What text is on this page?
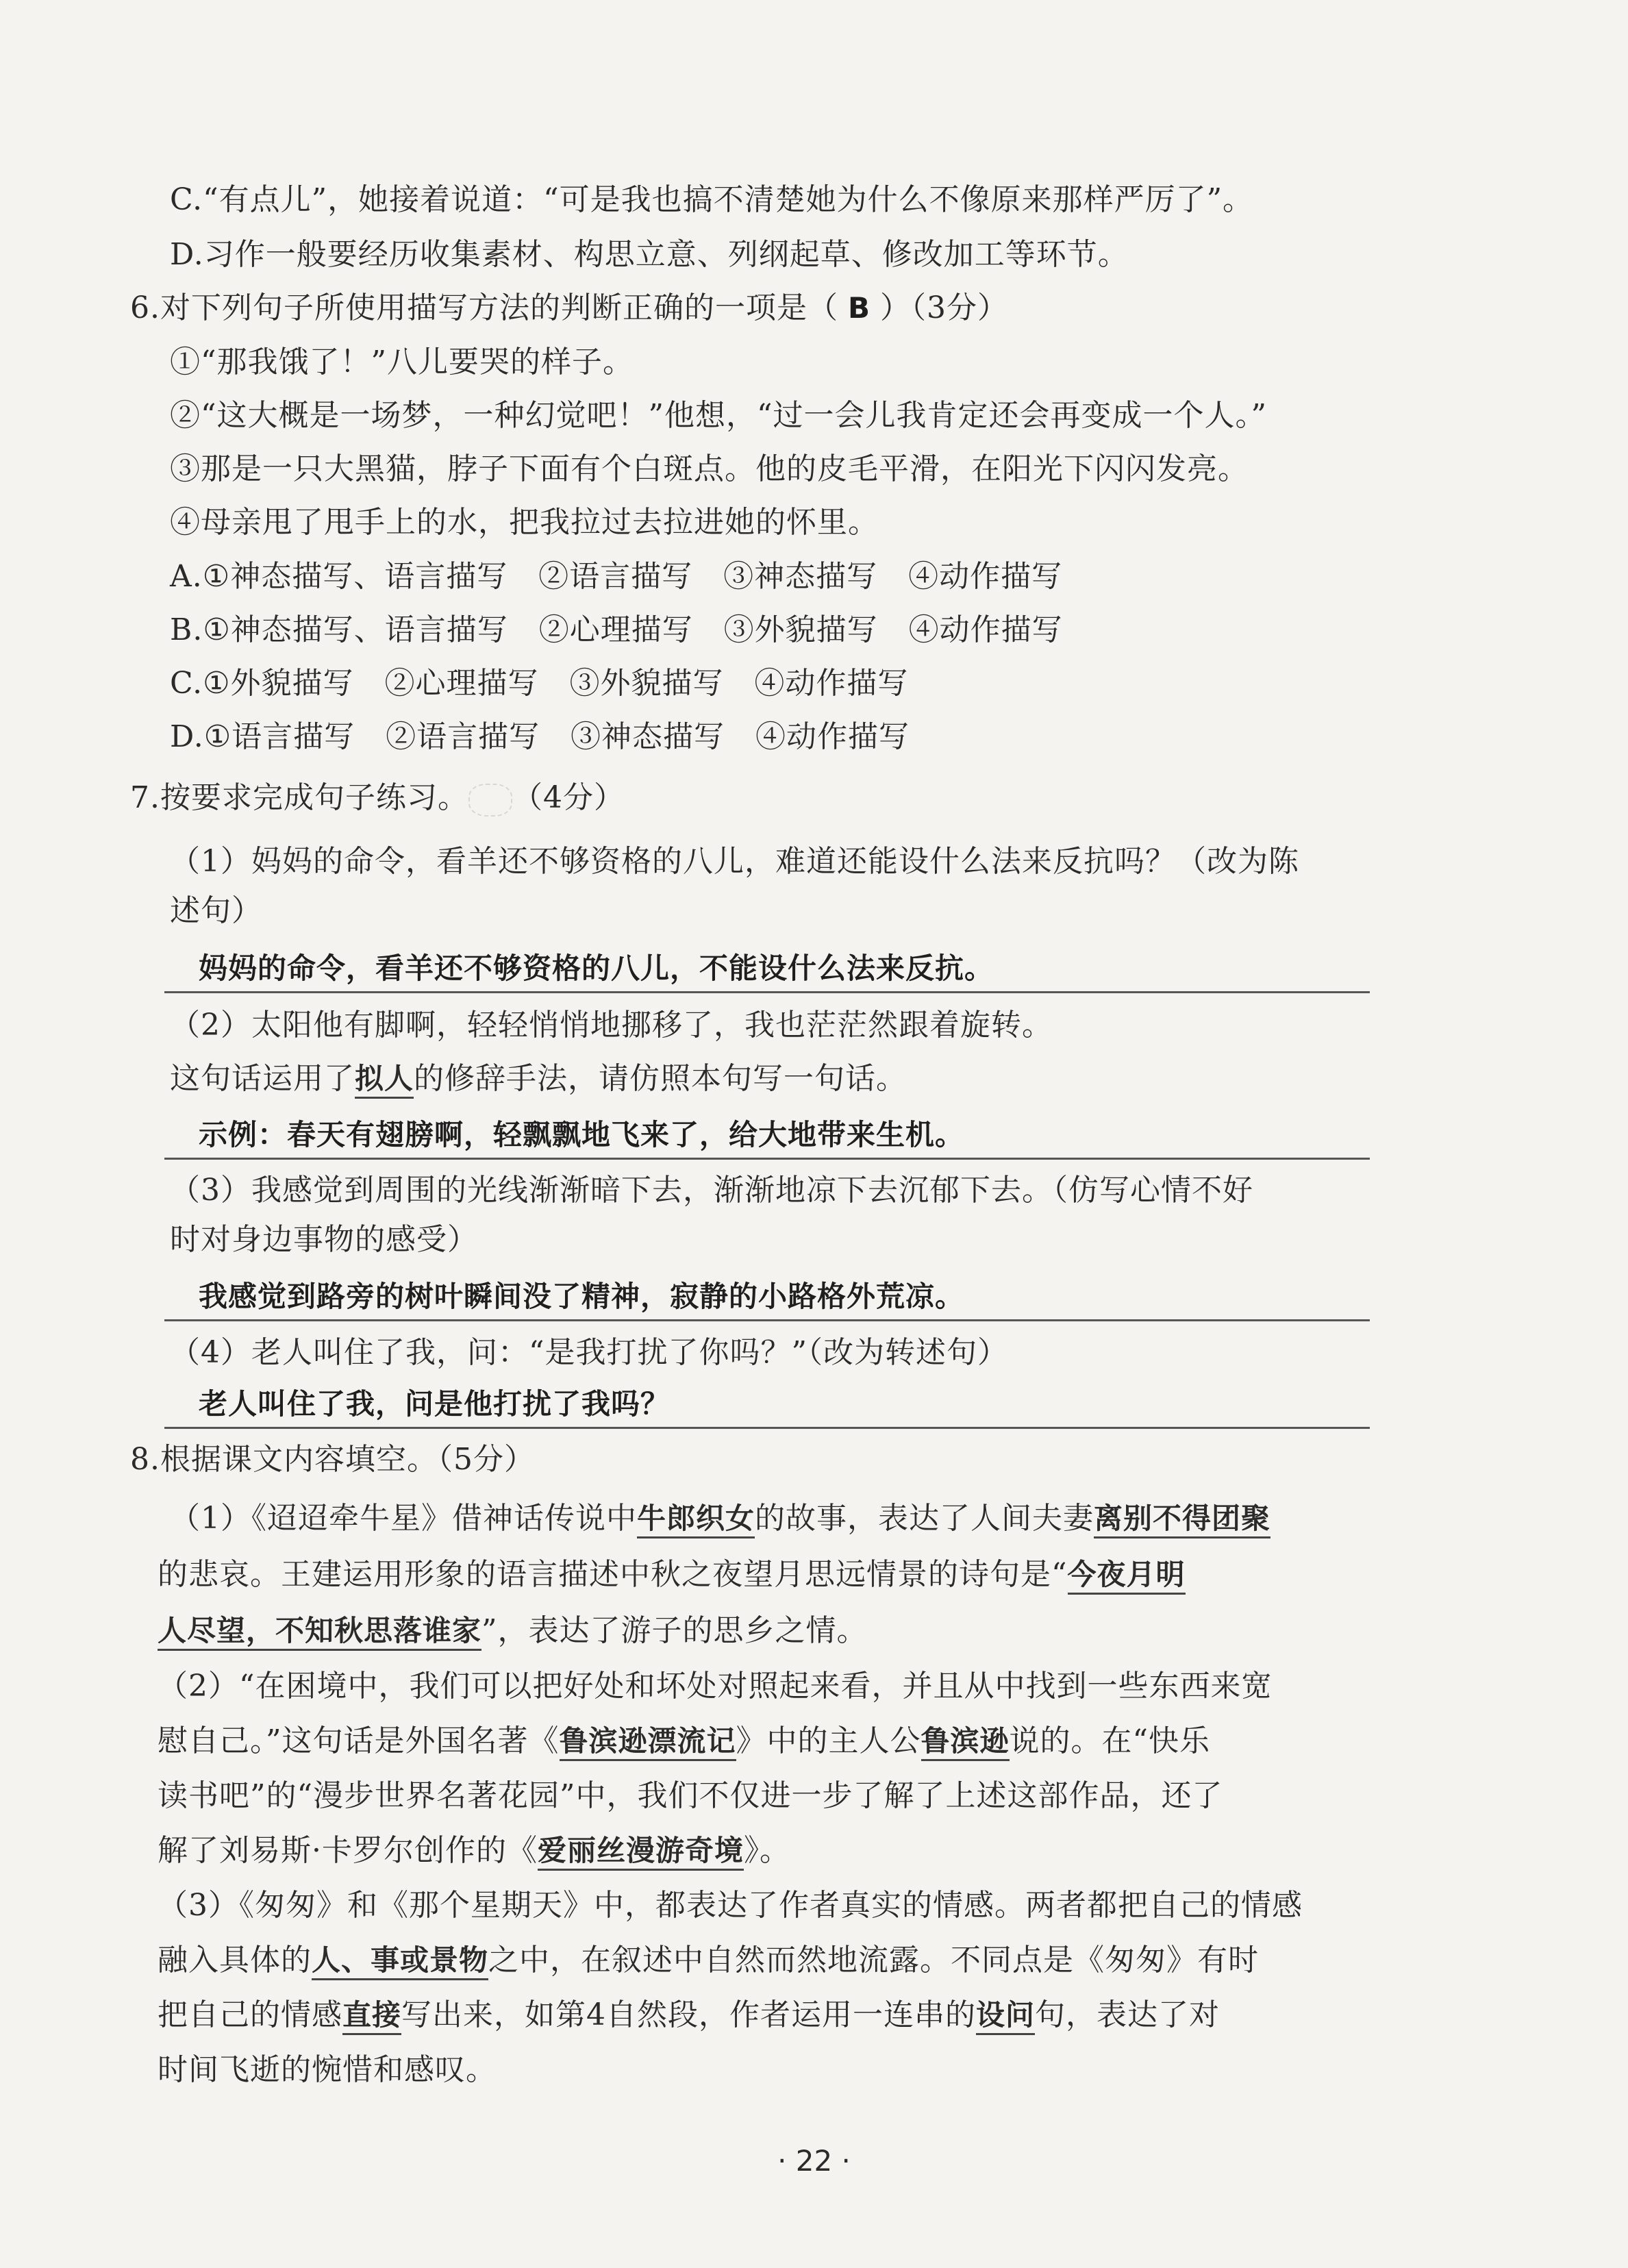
C.“有点儿”，她接着说道：“可是我也搞不清楚她为什么不像原来那样严厉了”。
D.习作一般要经历收集素材、构思立意、列纲起草、修改加工等环节。
6.对下列句子所使用描写方法的判断正确的一项是（ B ）（3分）
①“那我饿了！”八儿要哭的样子。
②“这大概是一场梦，一种幻觉吧！”他想，“过一会儿我肯定还会再变成一个人。”
③那是一只大黑猫，脖子下面有个白斑点。他的皮毛平滑，在阳光下闪闪发亮。
④母亲甩了甩手上的水，把我拉过去拉进她的怀里。
A.①神态描写、语言描写   ②语言描写   ③神态描写   ④动作描写
B.①神态描写、语言描写   ②心理描写   ③外貌描写   ④动作描写
C.①外貌描写   ②心理描写   ③外貌描写   ④动作描写
D.①语言描写   ②语言描写   ③神态描写   ④动作描写
7.按要求完成句子练习。 （4分）
（1）妈妈的命令，看羊还不够资格的八儿，难道还能设什么法来反抗吗？（改为陈
述句）
妈妈的命令，看羊还不够资格的八儿，不能设什么法来反抗。
（2）太阳他有脚啊，轻轻悄悄地挪移了，我也茫茫然跟着旋转。
这句话运用了拟人的修辞手法，请仿照本句写一句话。
示例：春天有翅膀啊，轻飘飘地飞来了，给大地带来生机。
（3）我感觉到周围的光线渐渐暗下去，渐渐地凉下去沉郁下去。（仿写心情不好
时对身边事物的感受）
我感觉到路旁的树叶瞬间没了精神，寂静的小路格外荒凉。
（4）老人叫住了我，问：“是我打扰了你吗？”（改为转述句）
老人叫住了我，问是他打扰了我吗？
8.根据课文内容填空。（5分）
（1）《迢迢牵牛星》借神话传说中牛郎织女的故事，表达了人间夫妻离别不得团聚
的悲哀。王建运用形象的语言描述中秋之夜望月思远情景的诗句是“今夜月明
人尽望，不知秋思落谁家”，表达了游子的思乡之情。
（2）“在困境中，我们可以把好处和坏处对照起来看，并且从中找到一些东西来宽
慰自己。”这句话是外国名著《鲁滨逊漂流记》中的主人公鲁滨逊说的。在“快乐
读书吧”的“漫步世界名著花园”中，我们不仅进一步了解了上述这部作品，还了
解了刘易斯·卡罗尔创作的《爱丽丝漫游奇境》。
（3）《匆匆》和《那个星期天》中，都表达了作者真实的情感。两者都把自己的情感
融入具体的人、事或景物之中，在叙述中自然而然地流露。不同点是《匆匆》有时
把自己的情感直接写出来，如第4自然段，作者运用一连串的设问句，表达了对
时间飞逝的惋惜和感叹。
· 22 ·
